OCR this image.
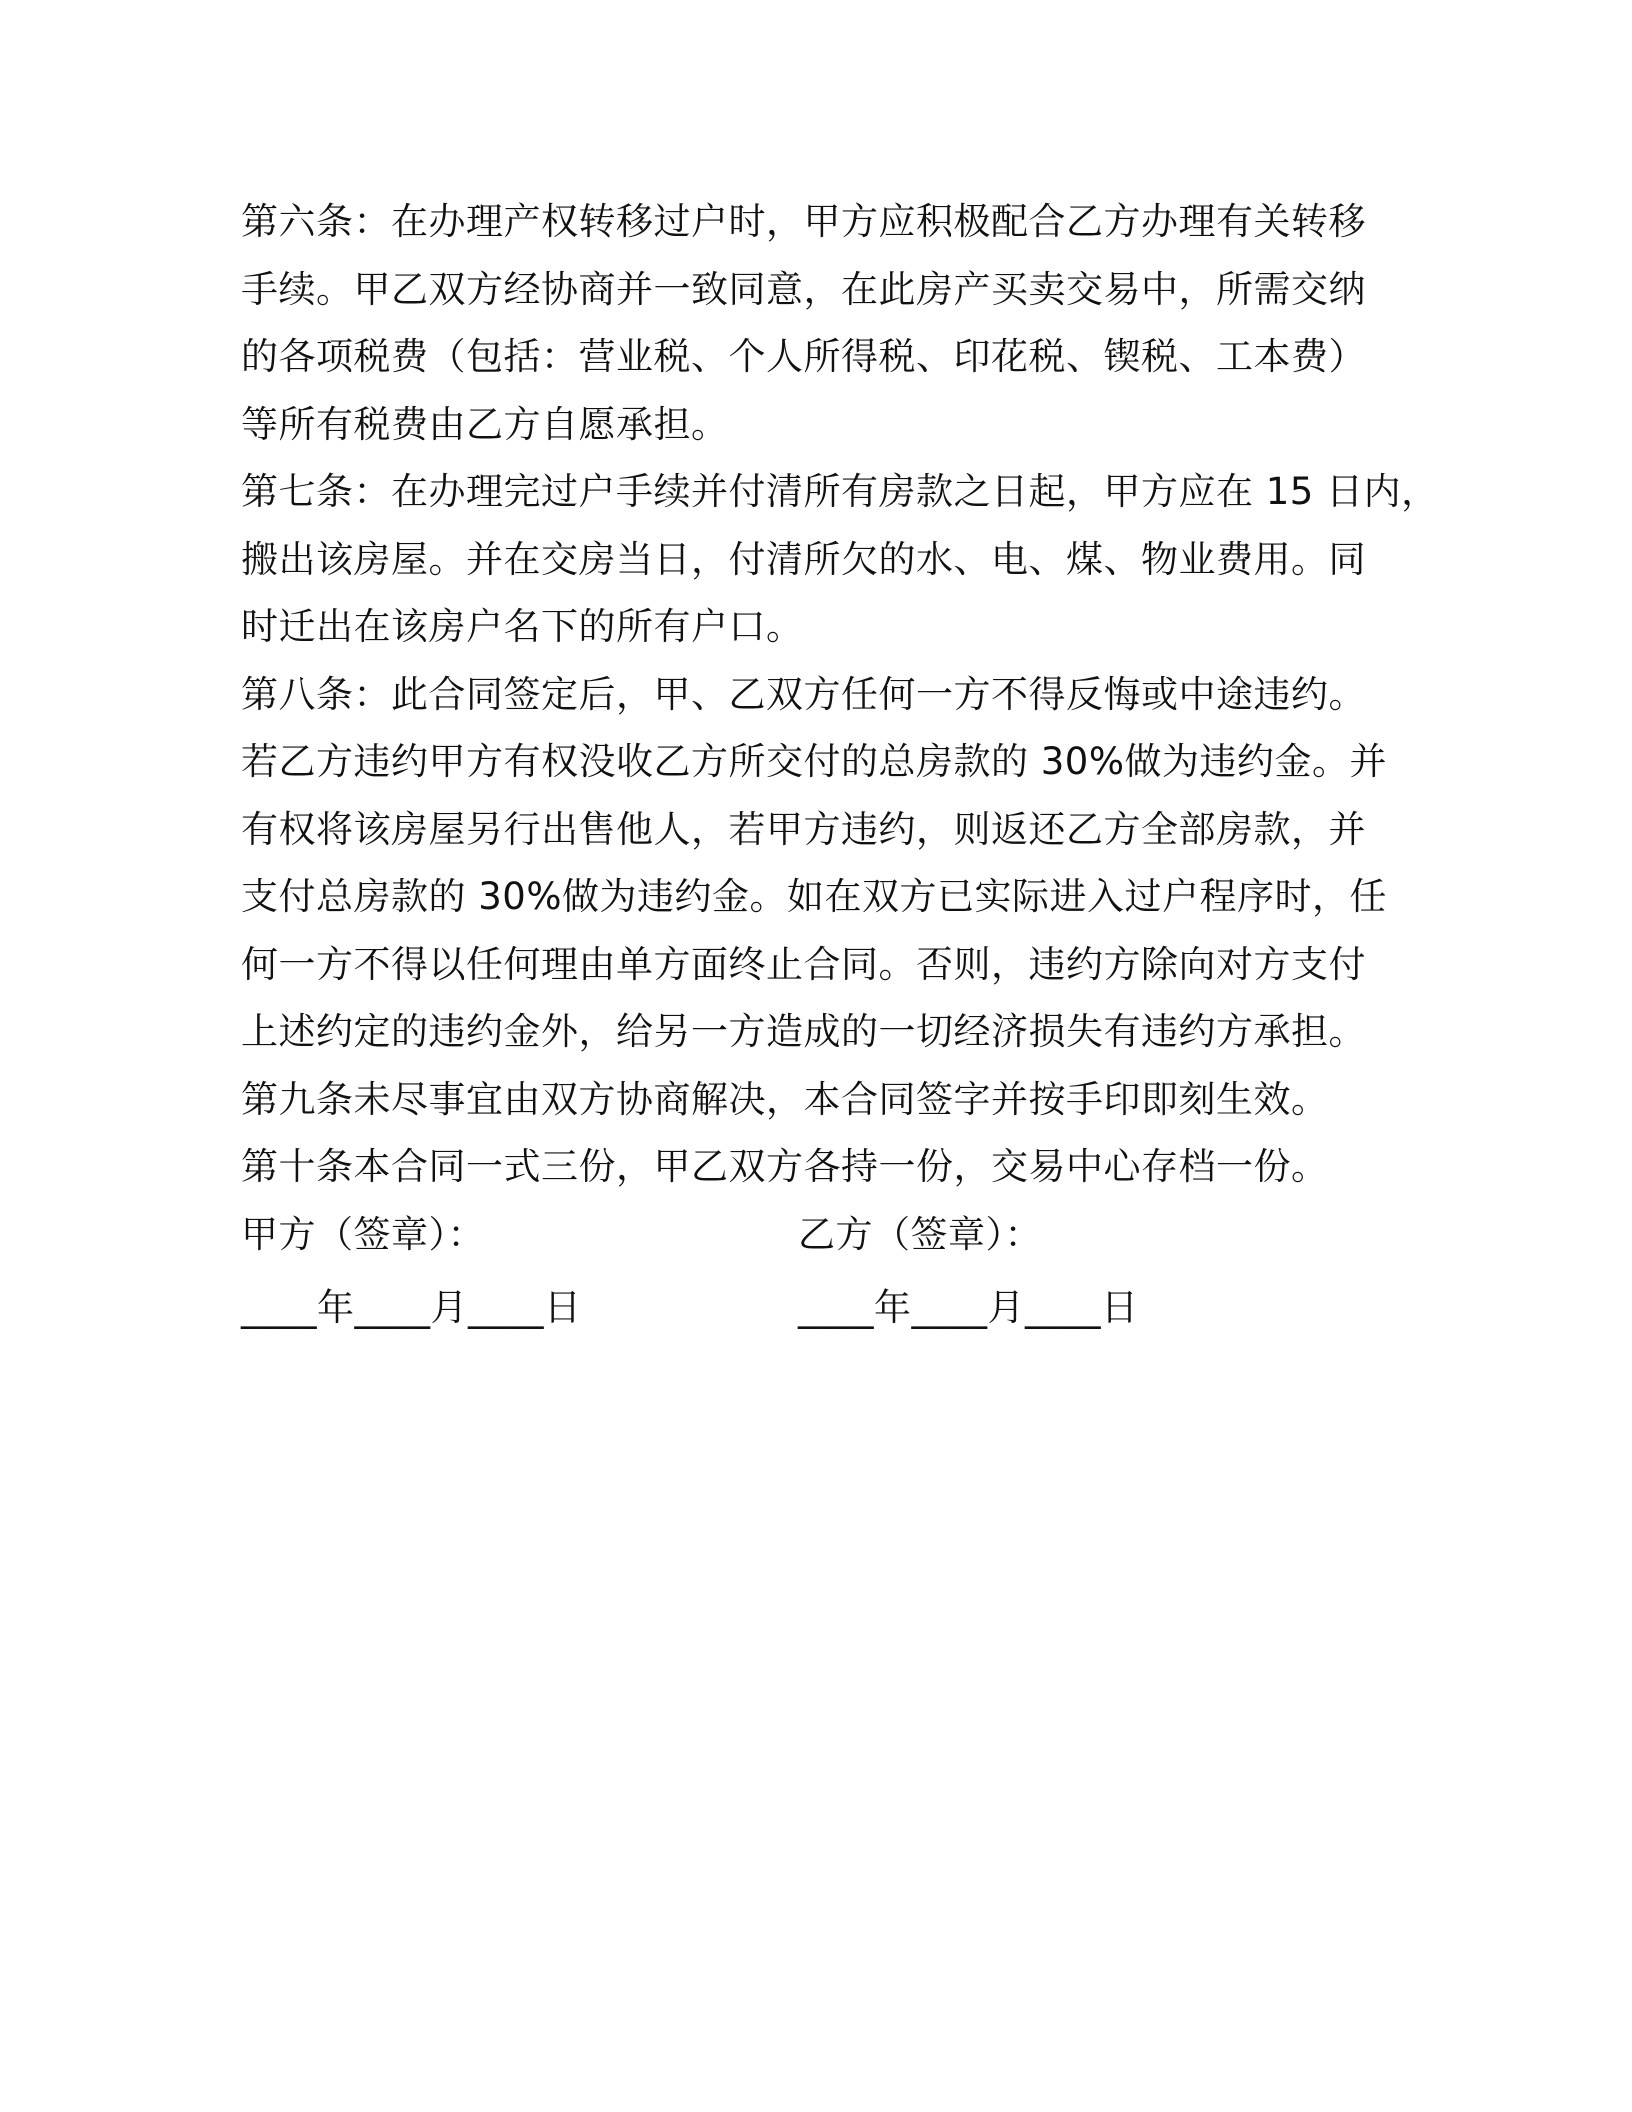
第六条：在办理产权转移过户时，甲方应积极配合乙方办理有关转移
手续。甲乙双方经协商并一致同意，在此房产买卖交易中，所需交纳
的各项税费（包括：营业税、个人所得税、印花税、锲税、工本费）
等所有税费由乙方自愿承担。
第七条：在办理完过户手续并付清所有房款之日起，甲方应在 15 日内，
搬出该房屋。并在交房当日，付清所欠的水、电、煤、物业费用。同
时迁出在该房户名下的所有户口。
第八条：此合同签定后，甲、乙双方任何一方不得反悔或中途违约。
若乙方违约甲方有权没收乙方所交付的总房款的 30%做为违约金。并
有权将该房屋另行出售他人，若甲方违约，则返还乙方全部房款，并
支付总房款的 30%做为违约金。如在双方已实际进入过户程序时，任
何一方不得以任何理由单方面终止合同。否则，违约方除向对方支付
上述约定的违约金外，给另一方造成的一切经济损失有违约方承担。
第九条未尽事宜由双方协商解决，本合同签字并按手印即刻生效。
第十条本合同一式三份，甲乙双方各持一份，交易中心存档一份。
甲方（签章）：	乙方（签章）：
____年____月____日	____年____月____日
